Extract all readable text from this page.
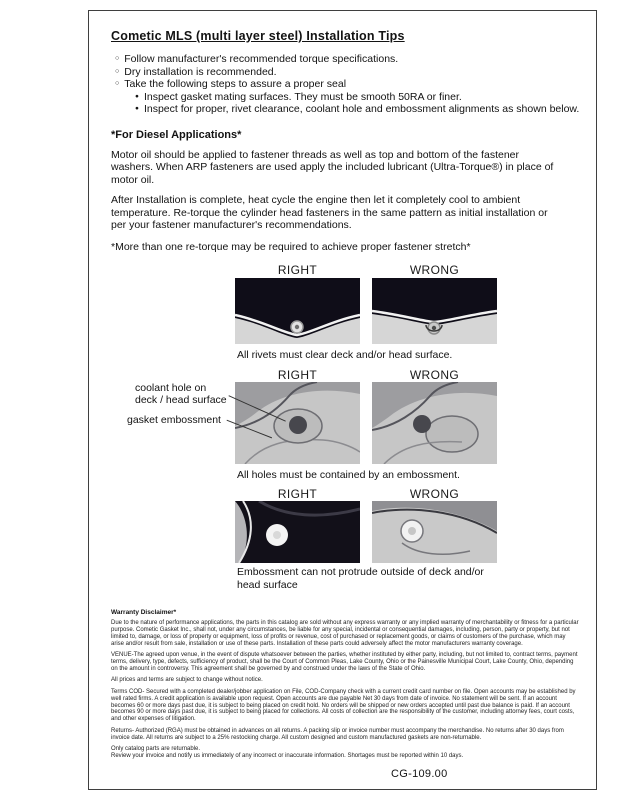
Cometic MLS (multi layer steel) Installation Tips
○ Follow manufacturer's recommended torque specifications.
○ Dry installation is recommended.
○ Take the following steps to assure a proper seal
● Inspect gasket mating surfaces. They must be smooth 50RA or finer.
● Inspect for proper, rivet clearance, coolant hole and embossment alignments as shown below.
*For Diesel Applications*

Motor oil should be applied to fastener threads as well as top and bottom of the fastener washers. When ARP fasteners are used apply the included lubricant (Ultra-Torque®) in place of motor oil.

After Installation is complete, heat cycle the engine then let it completely cool to ambient temperature. Re-torque the cylinder head fasteners in the same pattern as initial installation or per your fastener manufacturer's recommendations.

*More than one re-torque may be required to achieve proper fastener stretch*

RIGHT	WRONG
All rivets must clear deck and/or head surface.
RIGHT	WRONG
coolant hole on deck / head surface
gasket embossment
All holes must be contained by an embossment.
RIGHT	WRONG
Embossment can not protrude outside of deck and/or head surface
Warranty Disclaimer*

Due to the nature of performance applications, the parts in this catalog are sold without any express warranty or any implied warranty of merchantability or fitness for a particular purpose. Cometic Gasket Inc., shall not, under any circumstances, be liable for any special, incidental or consequential damages, including, person, party or property, but not limited to, damage, or loss of property or equipment, loss of profits or revenue, cost of purchased or replacement goods, or claims of customers of the purchase, which may arise and/or result from sale, installation or use of these parts. Installation of these parts could adversely affect the motor manufacturers warranty coverage.

VENUE-The agreed upon venue, in the event of dispute whatsoever between the parties, whether instituted by either party, including, but not limited to, contract terms, payment terms, delivery, type, defects, sufficiency of product, shall be the Court of Common Pleas, Lake County, Ohio or the Painesville Municipal Court, Lake County, Ohio, depending on the amount in controversy. This agreement shall be governed by and construed under the laws of the State of Ohio.

All prices and terms are subject to change without notice.

Terms COD- Secured with a completed dealer/jobber application on File, COD-Company check with a current credit card number on file. Open accounts may be established by well rated firms. A credit application is available upon request. Open accounts are due payable Net 30 days from date of invoice. No statement will be sent. If an account becomes 60 or more days past due, it is subject to being placed on credit hold. No orders will be shipped or new orders accepted until past due balance is paid. If an account becomes 90 or more days past due, it is subject to being placed for collections. All costs of collection are the responsibility of the customer, including attorney fees, court costs, and other expenses of litigation.

Returns- Authorized (RGA) must be obtained in advances on all returns. A packing slip or invoice number must accompany the merchandise. No returns after 30 days from invoice date. All returns are subject to a 25% restocking charge. All custom designed and custom manufactured gaskets are non-returnable.

Only catalog parts are returnable.

Review your invoice and notify us immediately of any incorrect or inaccurate information. Shortages must be reported within 10 days.

CG-109.00
